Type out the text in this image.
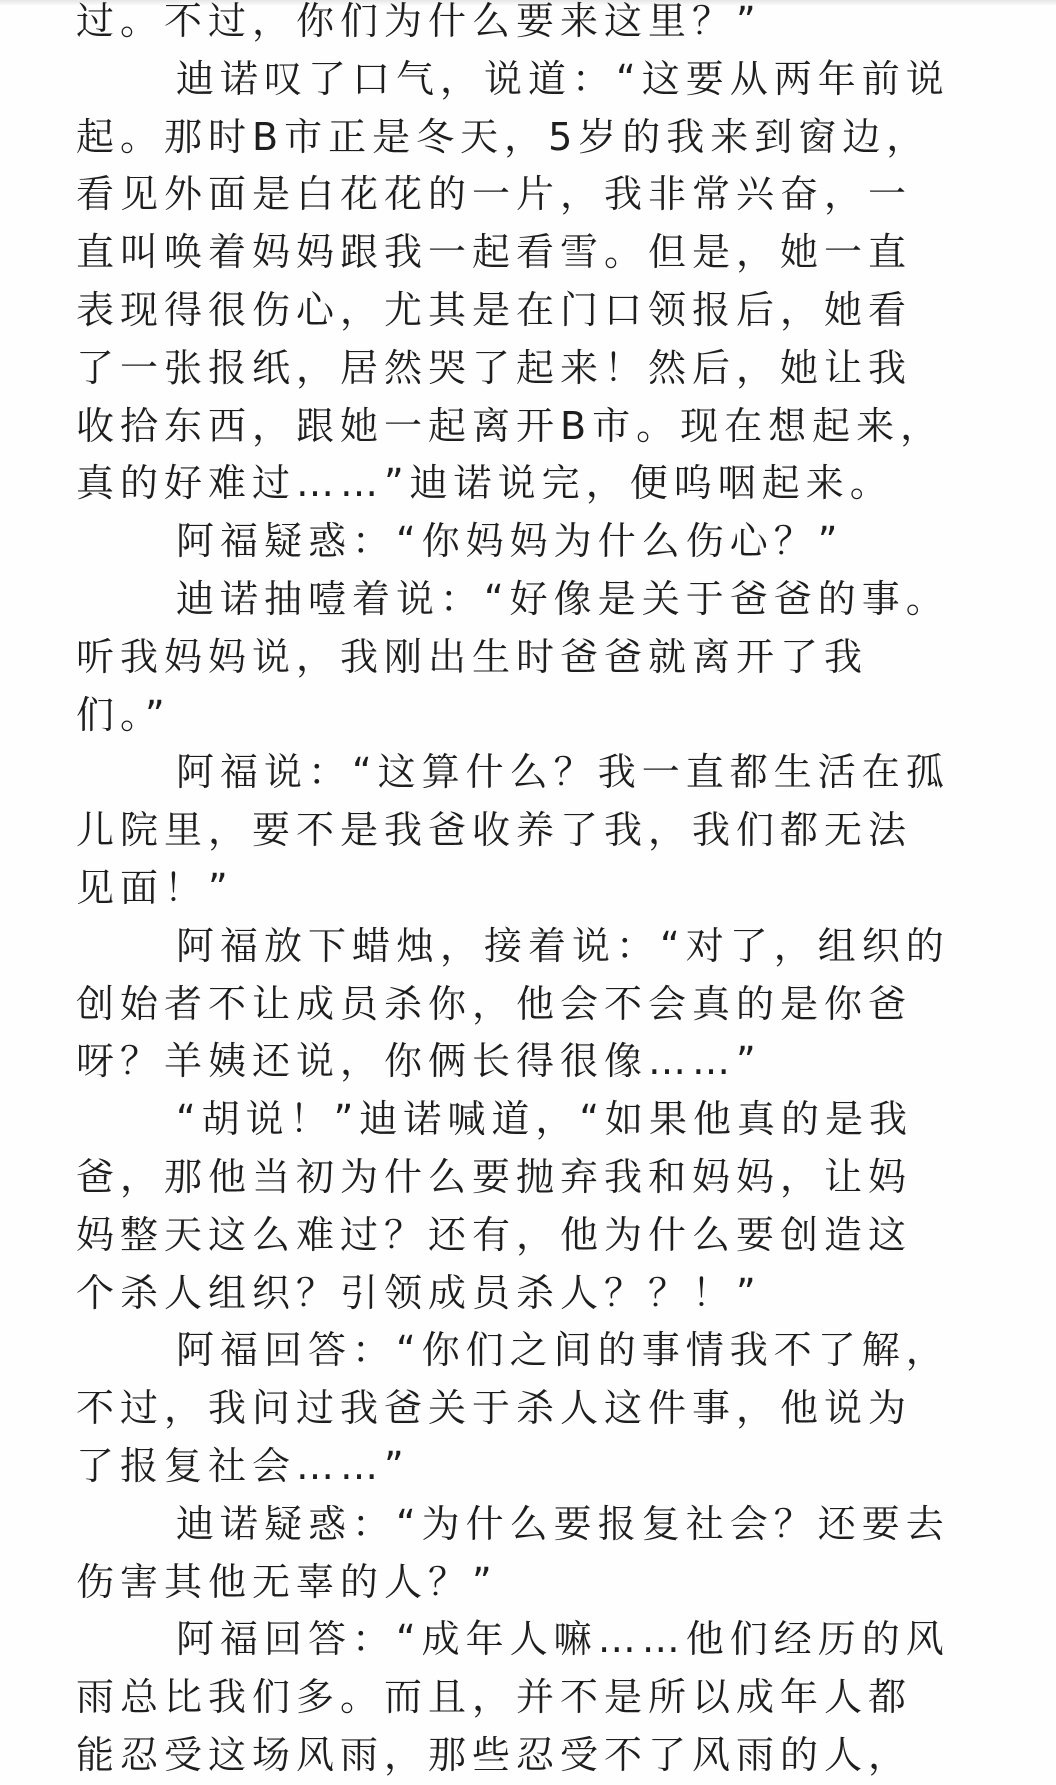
过。不过，你们为什么要来这里？”
迪诺叹了口气，说道：“这要从两年前说
起。那时B市正是冬天，5岁的我来到窗边，
看见外面是白花花的一片，我非常兴奋，一
直叫唤着妈妈跟我一起看雪。但是，她一直
表现得很伤心，尤其是在门口领报后，她看
了一张报纸，居然哭了起来！然后，她让我
收拾东西，跟她一起离开B市。现在想起来，
真的好难过……”迪诺说完，便呜咽起来。
阿福疑惑：“你妈妈为什么伤心？”
迪诺抽噎着说：“好像是关于爸爸的事。
听我妈妈说，我刚出生时爸爸就离开了我
们。”
阿福说：“这算什么？我一直都生活在孤
儿院里，要不是我爸收养了我，我们都无法
见面！”
阿福放下蜡烛，接着说：“对了，组织的
创始者不让成员杀你，他会不会真的是你爸
呀？羊姨还说，你俩长得很像……”
“胡说！”迪诺喊道，“如果他真的是我
爸，那他当初为什么要抛弃我和妈妈，让妈
妈整天这么难过？还有，他为什么要创造这
个杀人组织？引领成员杀人？？！”
阿福回答：“你们之间的事情我不了解，
不过，我问过我爸关于杀人这件事，他说为
了报复社会……”
迪诺疑惑：“为什么要报复社会？还要去
伤害其他无辜的人？”
阿福回答：“成年人嘛……他们经历的风
雨总比我们多。而且，并不是所以成年人都
能忍受这场风雨，那些忍受不了风雨的人，
